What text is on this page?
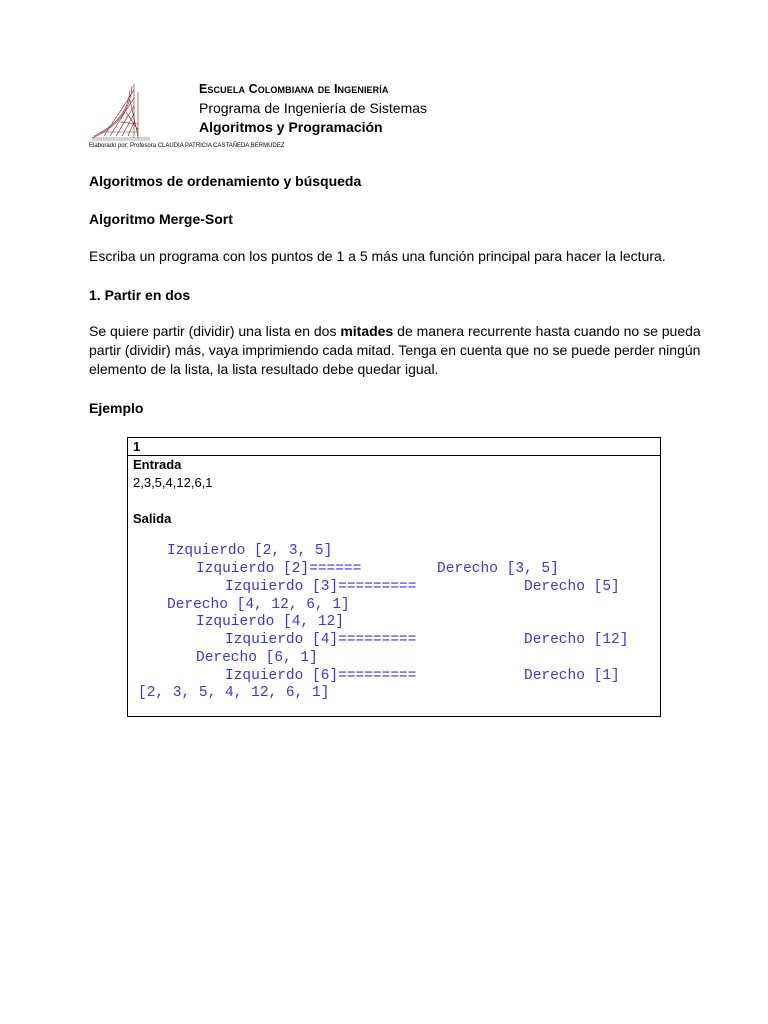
Escuela Colombiana de Ingeniería
Programa de Ingeniería de Sistemas
Algoritmos y Programación
Elaborado por: Profesora CLAUDIA PATRICIA CASTAÑEDA BERMUDEZ
Algoritmos de ordenamiento y búsqueda
Algoritmo Merge-Sort
Escriba un programa con los puntos de 1 a 5 más una función principal para hacer la lectura.
1. Partir en dos
Se quiere partir (dividir) una lista en dos mitades de manera recurrente hasta cuando no se pueda partir (dividir) más, vaya imprimiendo cada mitad. Tenga en cuenta que no se puede perder ningún elemento de la lista, la lista resultado debe quedar igual.
Ejemplo
1
Entrada
2,3,5,4,12,6,1
Salida
Izquierdo [2, 3, 5]
Izquierdo [2]======	Derecho [3, 5]
Izquierdo [3]=========	Derecho [5]
Derecho [4, 12, 6, 1]
Izquierdo [4, 12]
Izquierdo [4]=========	Derecho [12]
Derecho [6, 1]
Izquierdo [6]=========	Derecho [1]
[2, 3, 5, 4, 12, 6, 1]
